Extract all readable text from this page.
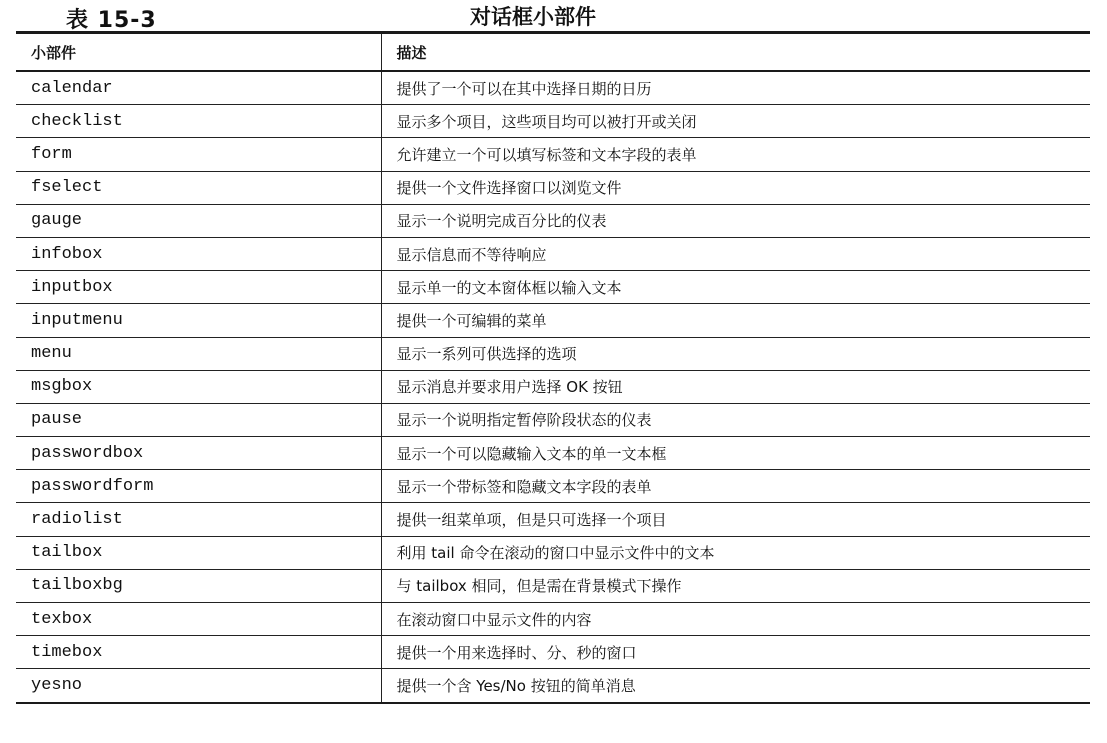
表 15-3	对话框小部件
小部件	描述
calendar	提供了一个可以在其中选择日期的日历
checklist	显示多个项目，这些项目均可以被打开或关闭
form	允许建立一个可以填写标签和文本字段的表单
fselect	提供一个文件选择窗口以浏览文件
gauge	显示一个说明完成百分比的仪表
infobox	显示信息而不等待响应
inputbox	显示单一的文本窗体框以输入文本
inputmenu	提供一个可编辑的菜单
menu	显示一系列可供选择的选项
msgbox	显示消息并要求用户选择 OK 按钮
pause	显示一个说明指定暂停阶段状态的仪表
passwordbox	显示一个可以隐藏输入文本的单一文本框
passwordform	显示一个带标签和隐藏文本字段的表单
radiolist	提供一组菜单项，但是只可选择一个项目
tailbox	利用 tail 命令在滚动的窗口中显示文件中的文本
tailboxbg	与 tailbox 相同，但是需在背景模式下操作
texbox	在滚动窗口中显示文件的内容
timebox	提供一个用来选择时、分、秒的窗口
yesno	提供一个含 Yes/No 按钮的简单消息
